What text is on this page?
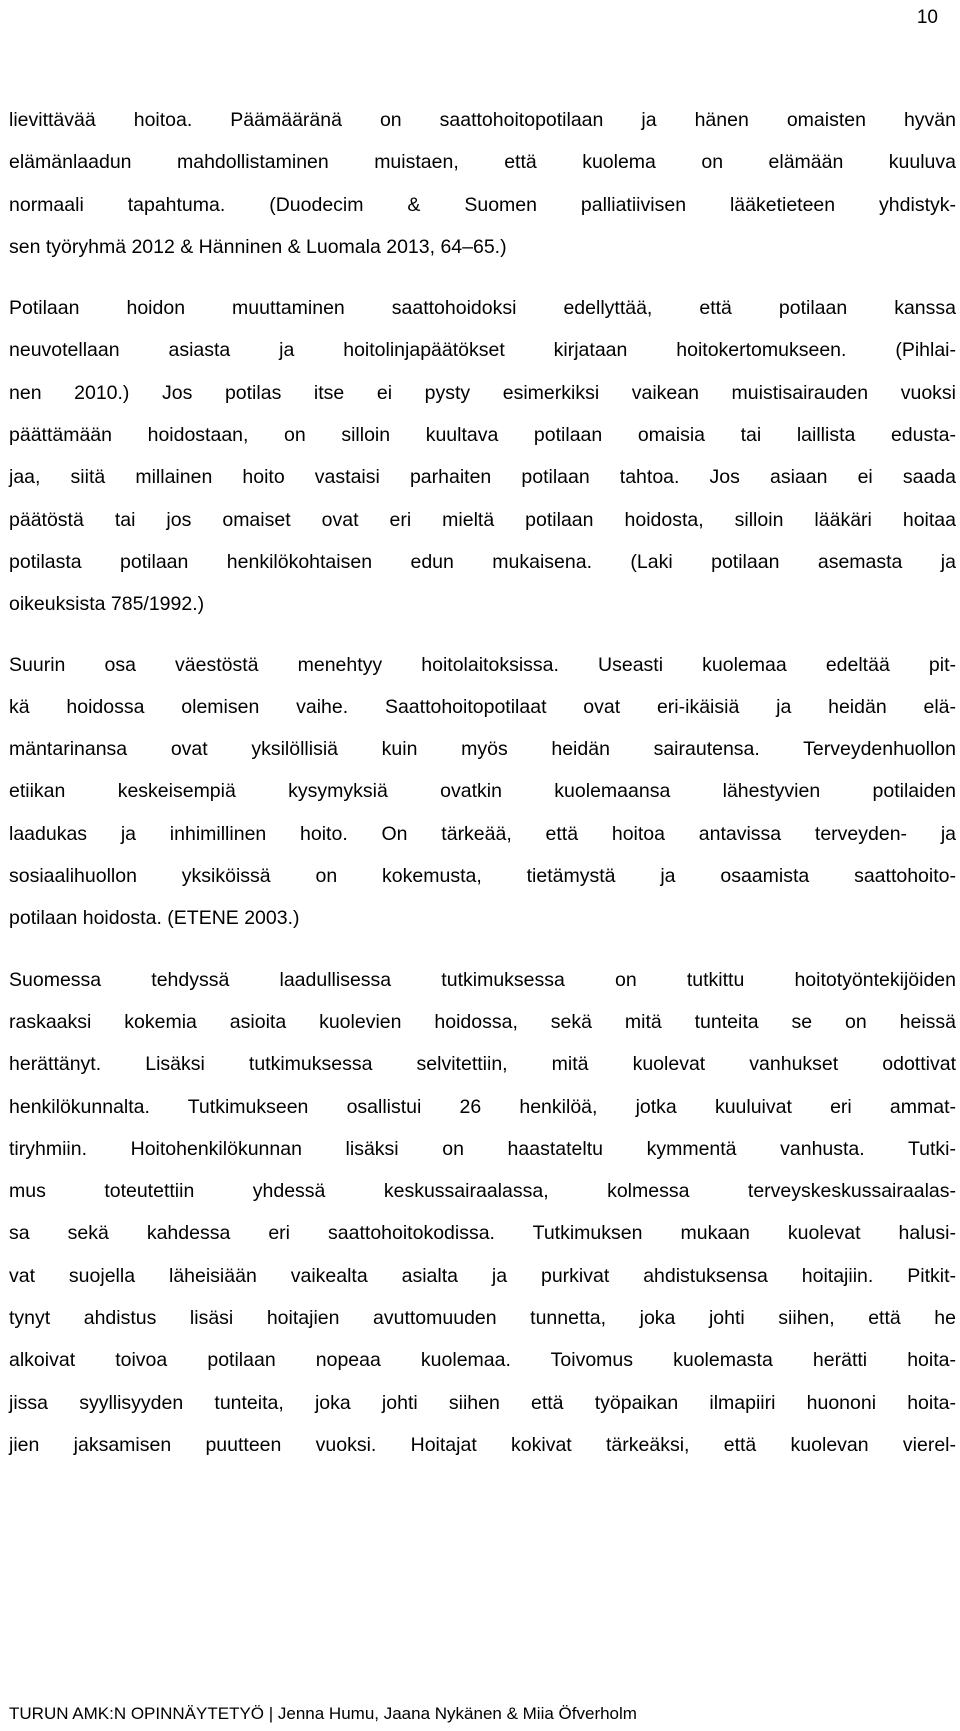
10

lievittävää hoitoa. Päämääränä on saattohoitopotilaan ja hänen omaisten hyvän
elämänlaadun mahdollistaminen muistaen, että kuolema on elämään kuuluva
normaali tapahtuma. (Duodecim & Suomen palliatiivisen lääketieteen yhdistyk-
sen työryhmä 2012 & Hänninen & Luomala 2013, 64–65.)

Potilaan hoidon muuttaminen saattohoidoksi edellyttää, että potilaan kanssa
neuvotellaan asiasta ja hoitolinjapäätökset kirjataan hoitokertomukseen. (Pihlai-
nen 2010.) Jos potilas itse ei pysty esimerkiksi vaikean muistisairauden vuoksi
päättämään hoidostaan, on silloin kuultava potilaan omaisia tai laillista edusta-
jaa, siitä millainen hoito vastaisi parhaiten potilaan tahtoa. Jos asiaan ei saada
päätöstä tai jos omaiset ovat eri mieltä potilaan hoidosta, silloin lääkäri hoitaa
potilasta potilaan henkilökohtaisen edun mukaisena. (Laki potilaan asemasta ja
oikeuksista 785/1992.)

Suurin osa väestöstä menehtyy hoitolaitoksissa. Useasti kuolemaa edeltää pit-
kä hoidossa olemisen vaihe. Saattohoitopotilaat ovat eri-ikäisiä ja heidän elä-
mäntarinansa ovat yksilöllisiä kuin myös heidän sairautensa. Terveydenhuollon
etiikan keskeisempiä kysymyksiä ovatkin kuolemaansa lähestyvien potilaiden
laadukas ja inhimillinen hoito. On tärkeää, että hoitoa antavissa terveyden- ja
sosiaalihuollon yksiköissä on kokemusta, tietämystä ja osaamista saattohoito-
potilaan hoidosta. (ETENE 2003.)

Suomessa tehdyssä laadullisessa tutkimuksessa on tutkittu hoitotyöntekijöiden
raskaaksi kokemia asioita kuolevien hoidossa, sekä mitä tunteita se on heissä
herättänyt. Lisäksi tutkimuksessa selvitettiin, mitä kuolevat vanhukset odottivat
henkilökunnalta. Tutkimukseen osallistui 26 henkilöä, jotka kuuluivat eri ammat-
tiryhmiin. Hoitohenkilökunnan lisäksi on haastateltu kymmentä vanhusta. Tutki-
mus toteutettiin yhdessä keskussairaalassa, kolmessa terveyskeskussairaalas-
sa sekä kahdessa eri saattohoitokodissa. Tutkimuksen mukaan kuolevat halusi-
vat suojella läheisiään vaikealta asialta ja purkivat ahdistuksensa hoitajiin. Pitkit-
tynyt ahdistus lisäsi hoitajien avuttomuuden tunnetta, joka johti siihen, että he
alkoivat toivoa potilaan nopeaa kuolemaa. Toivomus kuolemasta herätti hoita-
jissa syyllisyyden tunteita, joka johti siihen että työpaikan ilmapiiri huononi hoita-
jien jaksamisen puutteen vuoksi. Hoitajat kokivat tärkeäksi, että kuolevan vierel-

TURUN AMK:N OPINNÄYTETYÖ | Jenna Humu, Jaana Nykänen & Miia Öfverholm
